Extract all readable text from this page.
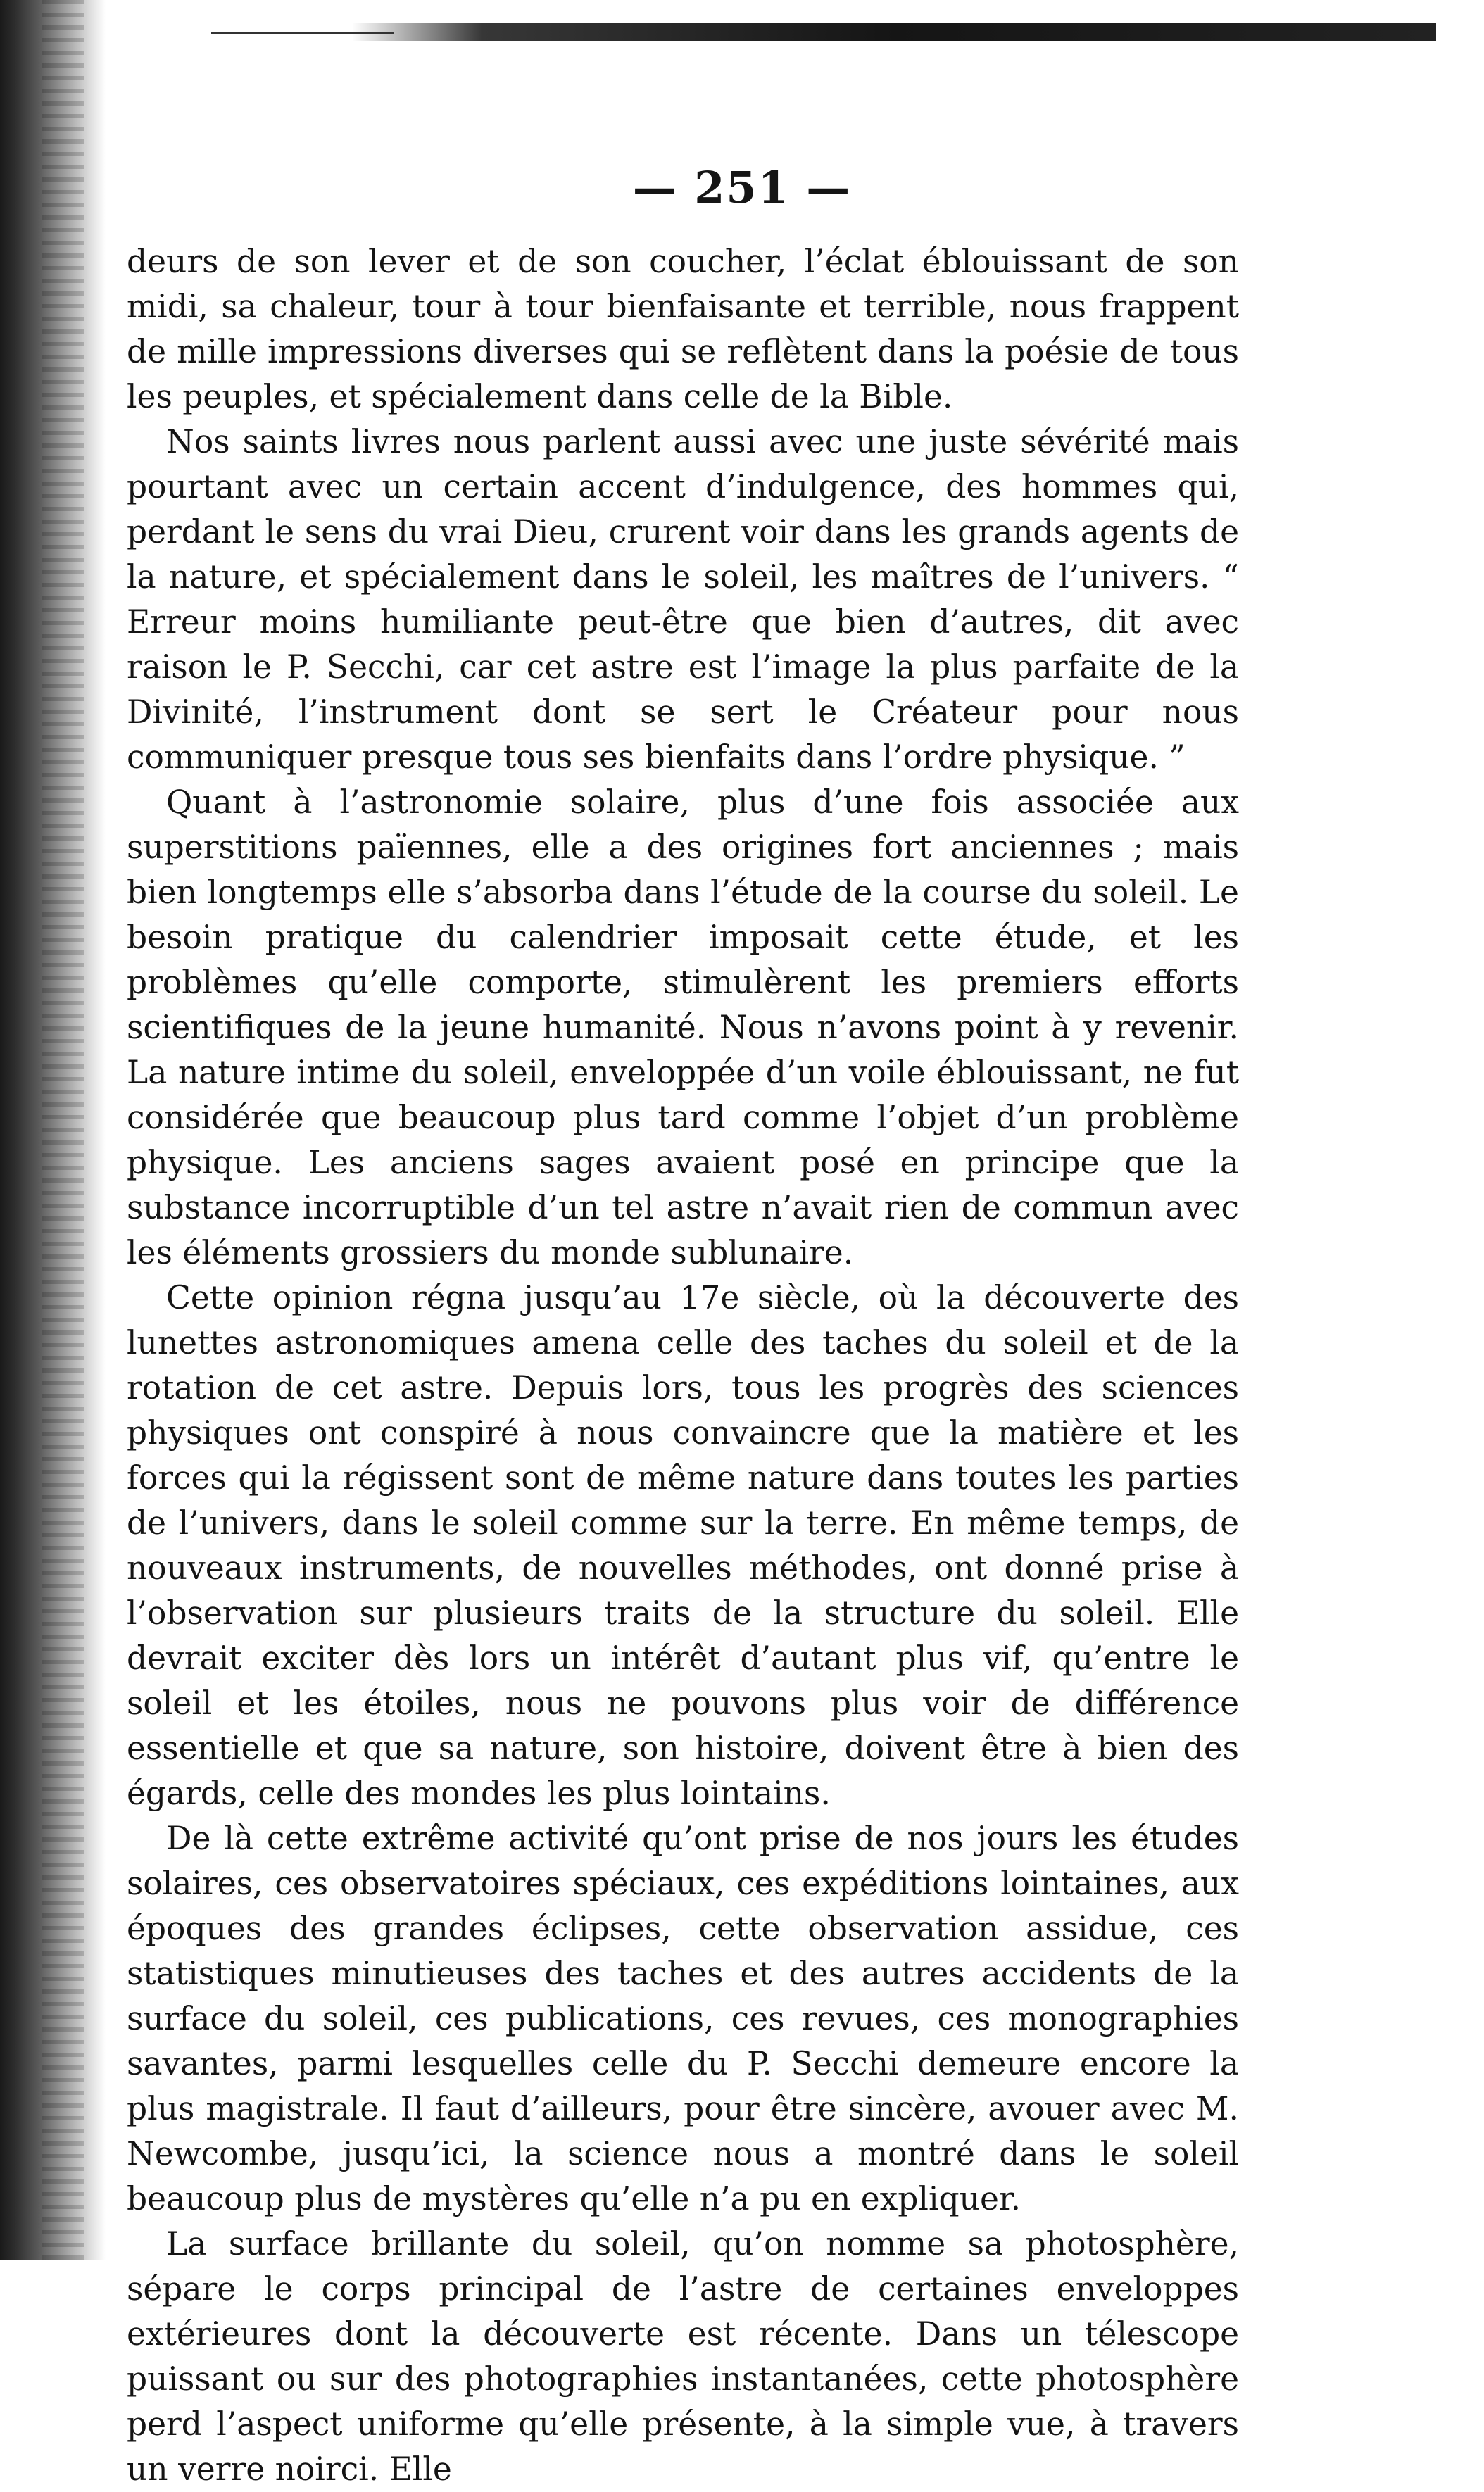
— 251 —

deurs de son lever et de son coucher, l’éclat éblouissant de son midi, sa chaleur, tour à tour bienfaisante et terrible, nous frappent de mille impressions diverses qui se reflètent dans la poésie de tous les peuples, et spécialement dans celle de la Bible.

Nos saints livres nous parlent aussi avec une juste sévérité mais pourtant avec un certain accent d’indulgence, des hommes qui, perdant le sens du vrai Dieu, crurent voir dans les grands agents de la nature, et spécialement dans le soleil, les maîtres de l’univers. “ Erreur moins humiliante peut-être que bien d’autres, dit avec raison le P. Secchi, car cet astre est l’image la plus parfaite de la Divinité, l’instrument dont se sert le Créateur pour nous communiquer presque tous ses bienfaits dans l’ordre physique. ”

Quant à l’astronomie solaire, plus d’une fois associée aux superstitions païennes, elle a des origines fort anciennes ; mais bien longtemps elle s’absorba dans l’étude de la course du soleil. Le besoin pratique du calendrier imposait cette étude, et les problèmes qu’elle comporte, stimulèrent les premiers efforts scientifiques de la jeune humanité. Nous n’avons point à y revenir. La nature intime du soleil, enveloppée d’un voile éblouissant, ne fut considérée que beaucoup plus tard comme l’objet d’un problème physique. Les anciens sages avaient posé en principe que la substance incorruptible d’un tel astre n’avait rien de commun avec les éléments grossiers du monde sublunaire.

Cette opinion régna jusqu’au 17e siècle, où la découverte des lunettes astronomiques amena celle des taches du soleil et de la rotation de cet astre. Depuis lors, tous les progrès des sciences physiques ont conspiré à nous convaincre que la matière et les forces qui la régissent sont de même nature dans toutes les parties de l’univers, dans le soleil comme sur la terre. En même temps, de nouveaux instruments, de nouvelles méthodes, ont donné prise à l’observation sur plusieurs traits de la structure du soleil. Elle devrait exciter dès lors un intérêt d’autant plus vif, qu’entre le soleil et les étoiles, nous ne pouvons plus voir de différence essentielle et que sa nature, son histoire, doivent être à bien des égards, celle des mondes les plus lointains.

De là cette extrême activité qu’ont prise de nos jours les études solaires, ces observatoires spéciaux, ces expéditions lointaines, aux époques des grandes éclipses, cette observation assidue, ces statistiques minutieuses des taches et des autres accidents de la surface du soleil, ces publications, ces revues, ces monographies savantes, parmi lesquelles celle du P. Secchi demeure encore la plus magistrale. Il faut d’ailleurs, pour être sincère, avouer avec M. Newcombe, jusqu’ici, la science nous a montré dans le soleil beaucoup plus de mystères qu’elle n’a pu en expliquer.

La surface brillante du soleil, qu’on nomme sa photosphère, sépare le corps principal de l’astre de certaines enveloppes extérieures dont la découverte est récente. Dans un télescope puissant ou sur des photographies instantanées, cette photosphère perd l’aspect uniforme qu’elle présente, à la simple vue, à travers un verre noirci. Elle
